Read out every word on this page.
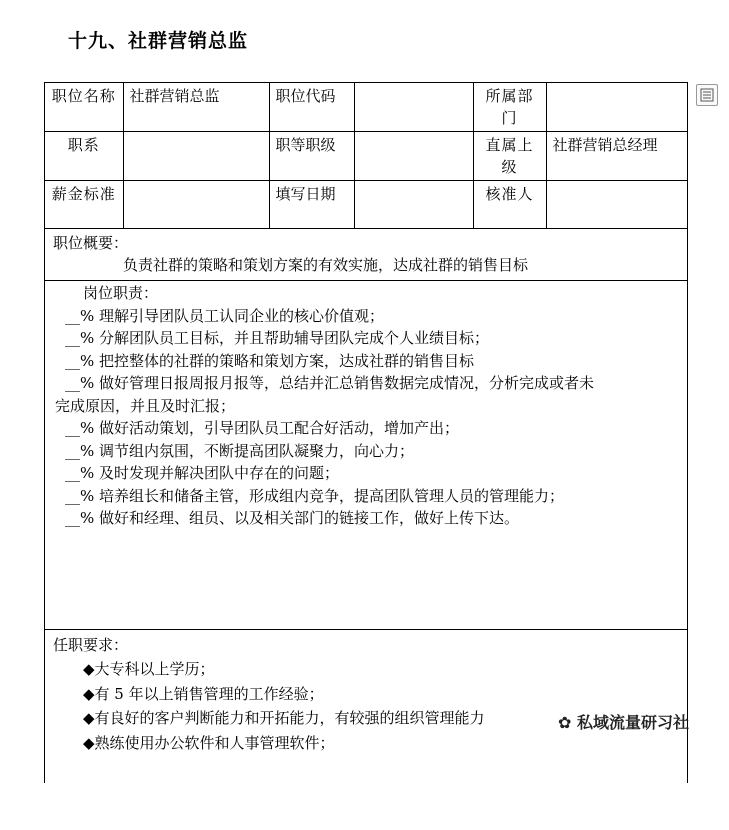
十九、社群营销总监
职位名称	社群营销总监	职位代码		所属部门	
职系		职等职级		直属上级	社群营销总经理
薪金标准		填写日期		核准人	
职位概要：
负责社群的策略和策划方案的有效实施，达成社群的销售目标
岗位职责：
__% 理解引导团队员工认同企业的核心价值观；
__% 分解团队员工目标，并且帮助辅导团队完成个人业绩目标；
__% 把控整体的社群的策略和策划方案，达成社群的销售目标
__% 做好管理日报周报月报等，总结并汇总销售数据完成情况，分析完成或者未
完成原因，并且及时汇报；
__% 做好活动策划，引导团队员工配合好活动，增加产出；
__% 调节组内氛围，不断提高团队凝聚力，向心力；
__% 及时发现并解决团队中存在的问题；
__% 培养组长和储备主管，形成组内竞争，提高团队管理人员的管理能力；
__% 做好和经理、组员、以及相关部门的链接工作，做好上传下达。
任职要求：
◆大专科以上学历；
◆有 5 年以上销售管理的工作经验；
◆有良好的客户判断能力和开拓能力，有较强的组织管理能力
◆熟练使用办公软件和人事管理软件；
✿ 私域流量研习社
